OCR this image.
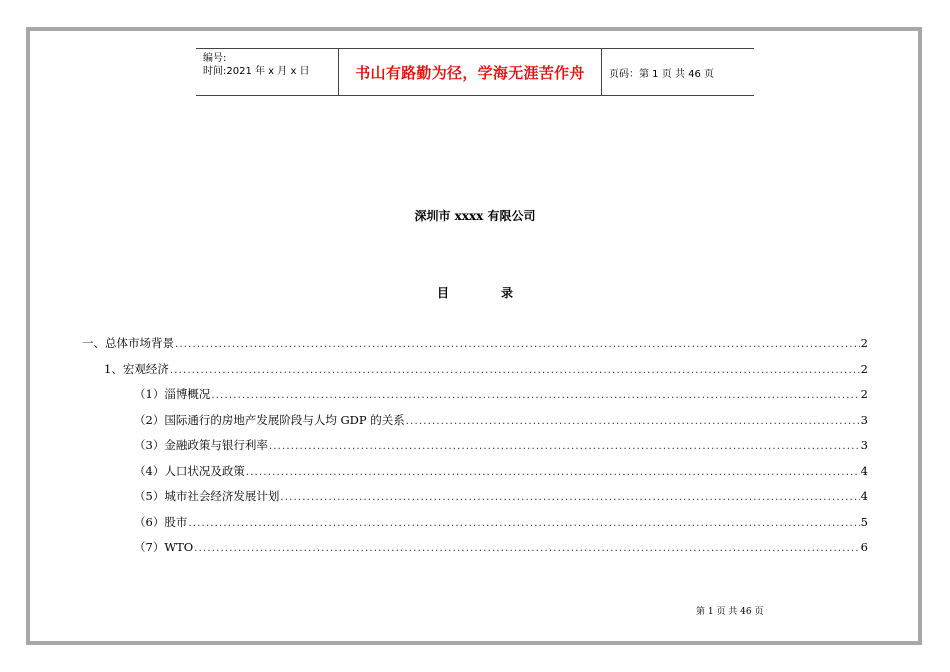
编号:
时间:2021 年 x 月 x 日	书山有路勤为径，学海无涯苦作舟	页码：第 1 页 共 46 页
深圳市 xxxx 有限公司
目	录
一、总体市场背景 .....	2
1、宏观经济 .....	2
（1）淄博概况 .....	2
（2）国际通行的房地产发展阶段与人均 GDP 的关系 .....	3
（3）金融政策与银行利率 .....	3
（4）人口状况及政策 .....	4
（5）城市社会经济发展计划 .....	4
（6）股市 .....	5
（7）WTO .....	6
第 1 页 共 46 页
